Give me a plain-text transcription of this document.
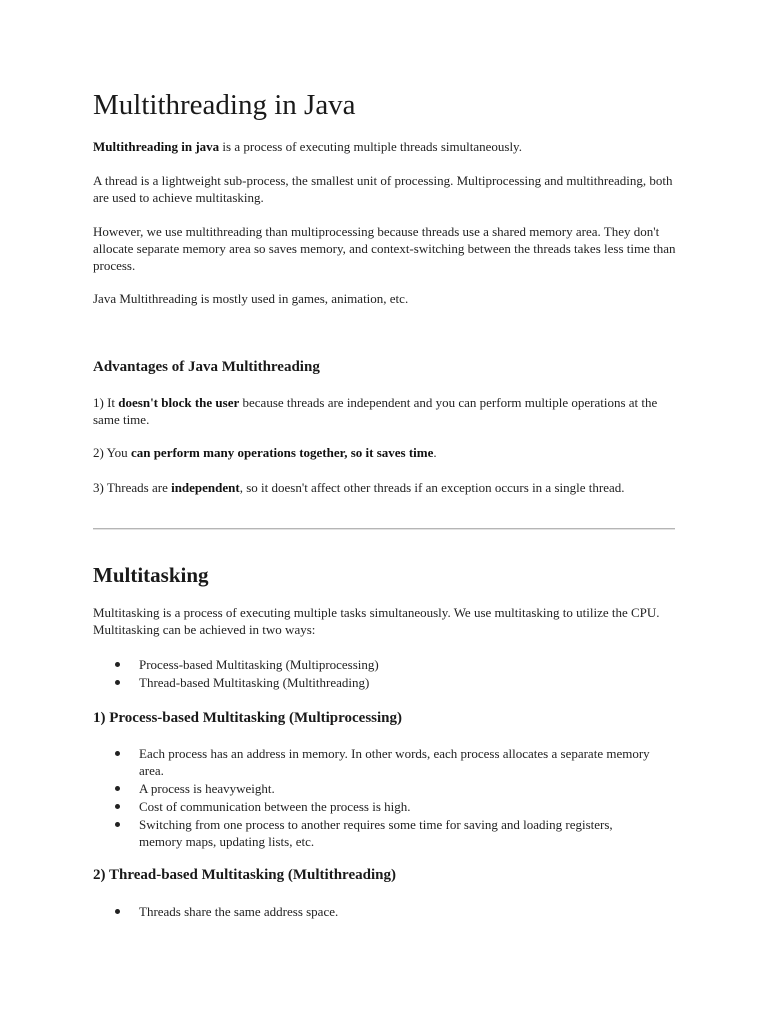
Multithreading in Java

Multithreading in java is a process of executing multiple threads simultaneously.

A thread is a lightweight sub-process, the smallest unit of processing. Multiprocessing and multithreading, both are used to achieve multitasking.

However, we use multithreading than multiprocessing because threads use a shared memory area. They don't allocate separate memory area so saves memory, and context-switching between the threads takes less time than process.

Java Multithreading is mostly used in games, animation, etc.

Advantages of Java Multithreading

1) It doesn't block the user because threads are independent and you can perform multiple operations at the same time.

2) You can perform many operations together, so it saves time.

3) Threads are independent, so it doesn't affect other threads if an exception occurs in a single thread.

Multitasking

Multitasking is a process of executing multiple tasks simultaneously. We use multitasking to utilize the CPU. Multitasking can be achieved in two ways:

Process-based Multitasking (Multiprocessing)
Thread-based Multitasking (Multithreading)
1) Process-based Multitasking (Multiprocessing)
Each process has an address in memory. In other words, each process allocates a separate memory area.
A process is heavyweight.
Cost of communication between the process is high.
Switching from one process to another requires some time for saving and loading registers, memory maps, updating lists, etc.
2) Thread-based Multitasking (Multithreading)
Threads share the same address space.
